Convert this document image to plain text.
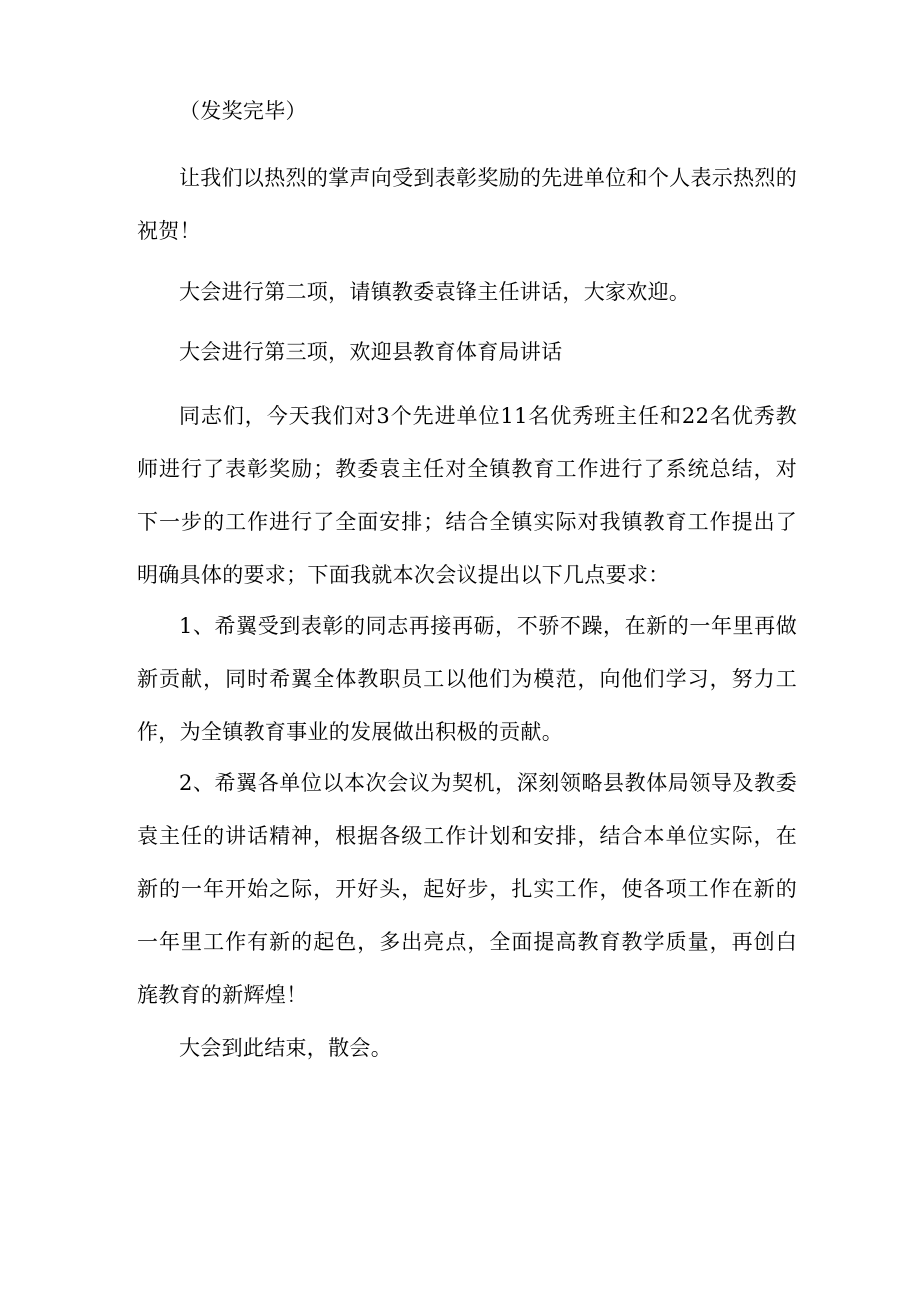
（发奖完毕）

让我们以热烈的掌声向受到表彰奖励的先进单位和个人表示热烈的祝贺！

大会进行第二项，请镇教委袁锋主任讲话，大家欢迎。

大会进行第三项，欢迎县教育体育局讲话

同志们，今天我们对3个先进单位11名优秀班主任和22名优秀教师进行了表彰奖励；教委袁主任对全镇教育工作进行了系统总结，对下一步的工作进行了全面安排；结合全镇实际对我镇教育工作提出了明确具体的要求；下面我就本次会议提出以下几点要求：

1、希翼受到表彰的同志再接再砺，不骄不躁，在新的一年里再做新贡献，同时希翼全体教职员工以他们为模范，向他们学习，努力工作，为全镇教育事业的发展做出积极的贡献。

2、希翼各单位以本次会议为契机，深刻领略县教体局领导及教委袁主任的讲话精神，根据各级工作计划和安排，结合本单位实际，在新的一年开始之际，开好头，起好步，扎实工作，使各项工作在新的一年里工作有新的起色，多出亮点，全面提高教育教学质量，再创白旄教育的新辉煌！

大会到此结束，散会。
